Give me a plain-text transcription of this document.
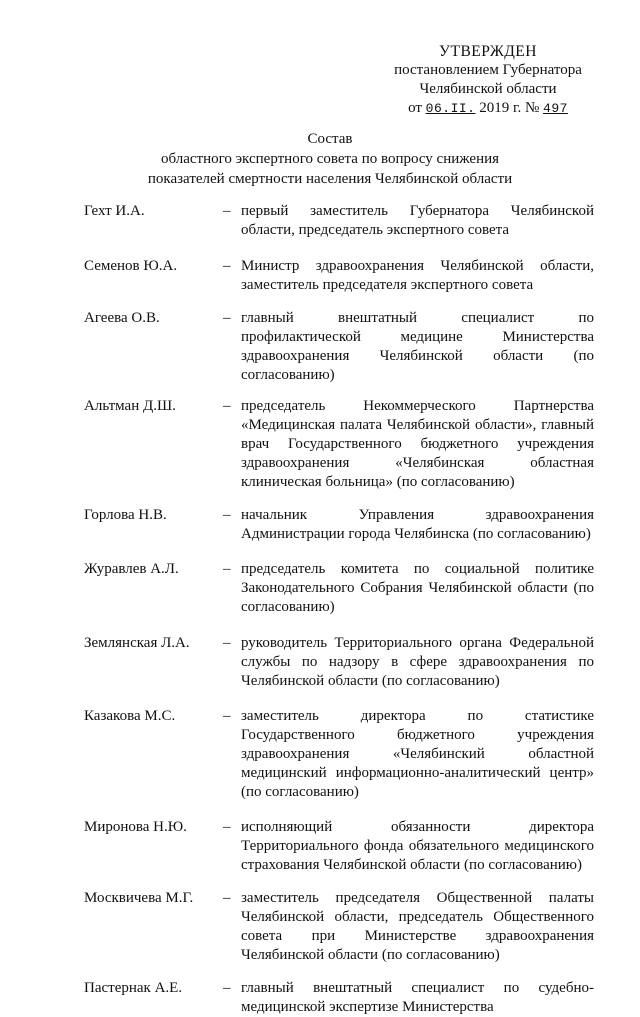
УТВЕРЖДЕН
постановлением Губернатора
Челябинской области
от 06.II. 2019 г. № 497
Состав
областного экспертного совета по вопросу снижения
показателей смертности населения Челябинской области
Гехт И.А.	– первый заместитель Губернатора Челябинской области, председатель экспертного совета
Семенов Ю.А.	– Министр здравоохранения Челябинской области, заместитель председателя экспертного совета
Агеева О.В.	– главный внештатный специалист по профилактической медицине Министерства здравоохранения Челябинской области (по согласованию)
Альтман Д.Ш.	– председатель Некоммерческого Партнерства «Медицинская палата Челябинской области», главный врач Государственного бюджетного учреждения здравоохранения «Челябинская областная клиническая больница» (по согласованию)
Горлова Н.В.	– начальник Управления здравоохранения Администрации города Челябинска (по согласованию)
Журавлев А.Л.	– председатель комитета по социальной политике Законодательного Собрания Челябинской области (по согласованию)
Землянская Л.А.	– руководитель Территориального органа Федеральной службы по надзору в сфере здравоохранения по Челябинской области (по согласованию)
Казакова М.С.	– заместитель директора по статистике Государственного бюджетного учреждения здравоохранения «Челябинский областной медицинский информационно-аналитический центр» (по согласованию)
Миронова Н.Ю.	– исполняющий обязанности директора Территориального фонда обязательного медицинского страхования Челябинской области (по согласованию)
Москвичева М.Г.	– заместитель председателя Общественной палаты Челябинской области, председатель Общественного совета при Министерстве здравоохранения Челябинской области (по согласованию)
Пастернак А.Е.	– главный внештатный специалист по судебно-медицинской экспертизе Министерства
